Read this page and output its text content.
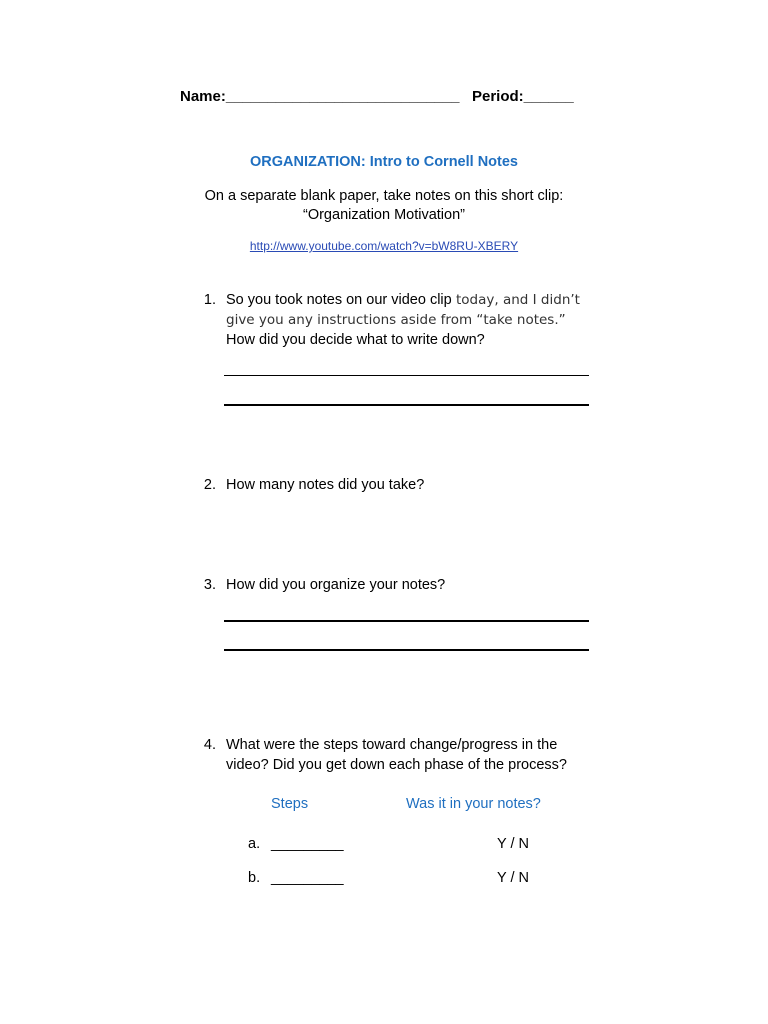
Name:____________________________ Period:______
ORGANIZATION: Intro to Cornell Notes
On a separate blank paper, take notes on this short clip:
“Organization Motivation”
http://www.youtube.com/watch?v=bW8RU-XBERY
1. So you took notes on our video clip today, and I didn’t
give you any instructions aside from “take notes.”
How did you decide what to write down?
2. How many notes did you take?
3. How did you organize your notes?
4. What were the steps toward change/progress in the
video? Did you get down each phase of the process?
Steps	Was it in your notes?
a. _________	Y / N
b. _________	Y / N
